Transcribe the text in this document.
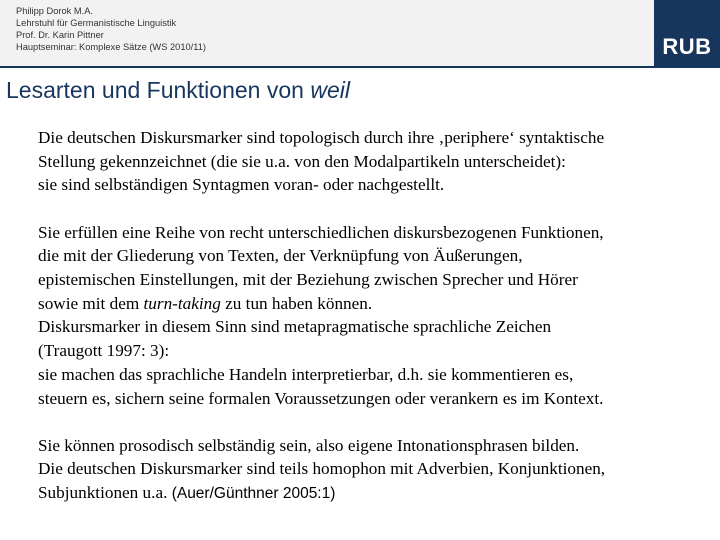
Philipp Dorok M.A.
Lehrstuhl für Germanistische Linguistik
Prof. Dr. Karin Pittner
Hauptseminar: Komplexe Sätze (WS 2010/11)	RUB
Lesarten und Funktionen von weil

Die deutschen Diskursmarker sind topologisch durch ihre ‚periphere‘ syntaktische
Stellung gekennzeichnet (die sie u.a. von den Modalpartikeln unterscheidet):
sie sind selbständigen Syntagmen voran- oder nachgestellt.

Sie erfüllen eine Reihe von recht unterschiedlichen diskursbezogenen Funktionen,
die mit der Gliederung von Texten, der Verknüpfung von Äußerungen,
epistemischen Einstellungen, mit der Beziehung zwischen Sprecher und Hörer
sowie mit dem turn-taking zu tun haben können.
Diskursmarker in diesem Sinn sind metapragmatische sprachliche Zeichen
(Traugott 1997: 3):
sie machen das sprachliche Handeln interpretierbar, d.h. sie kommentieren es,
steuern es, sichern seine formalen Voraussetzungen oder verankern es im Kontext.

Sie können prosodisch selbständig sein, also eigene Intonationsphrasen bilden.
Die deutschen Diskursmarker sind teils homophon mit Adverbien, Konjunktionen,
Subjunktionen u.a. (Auer/Günthner 2005:1)
